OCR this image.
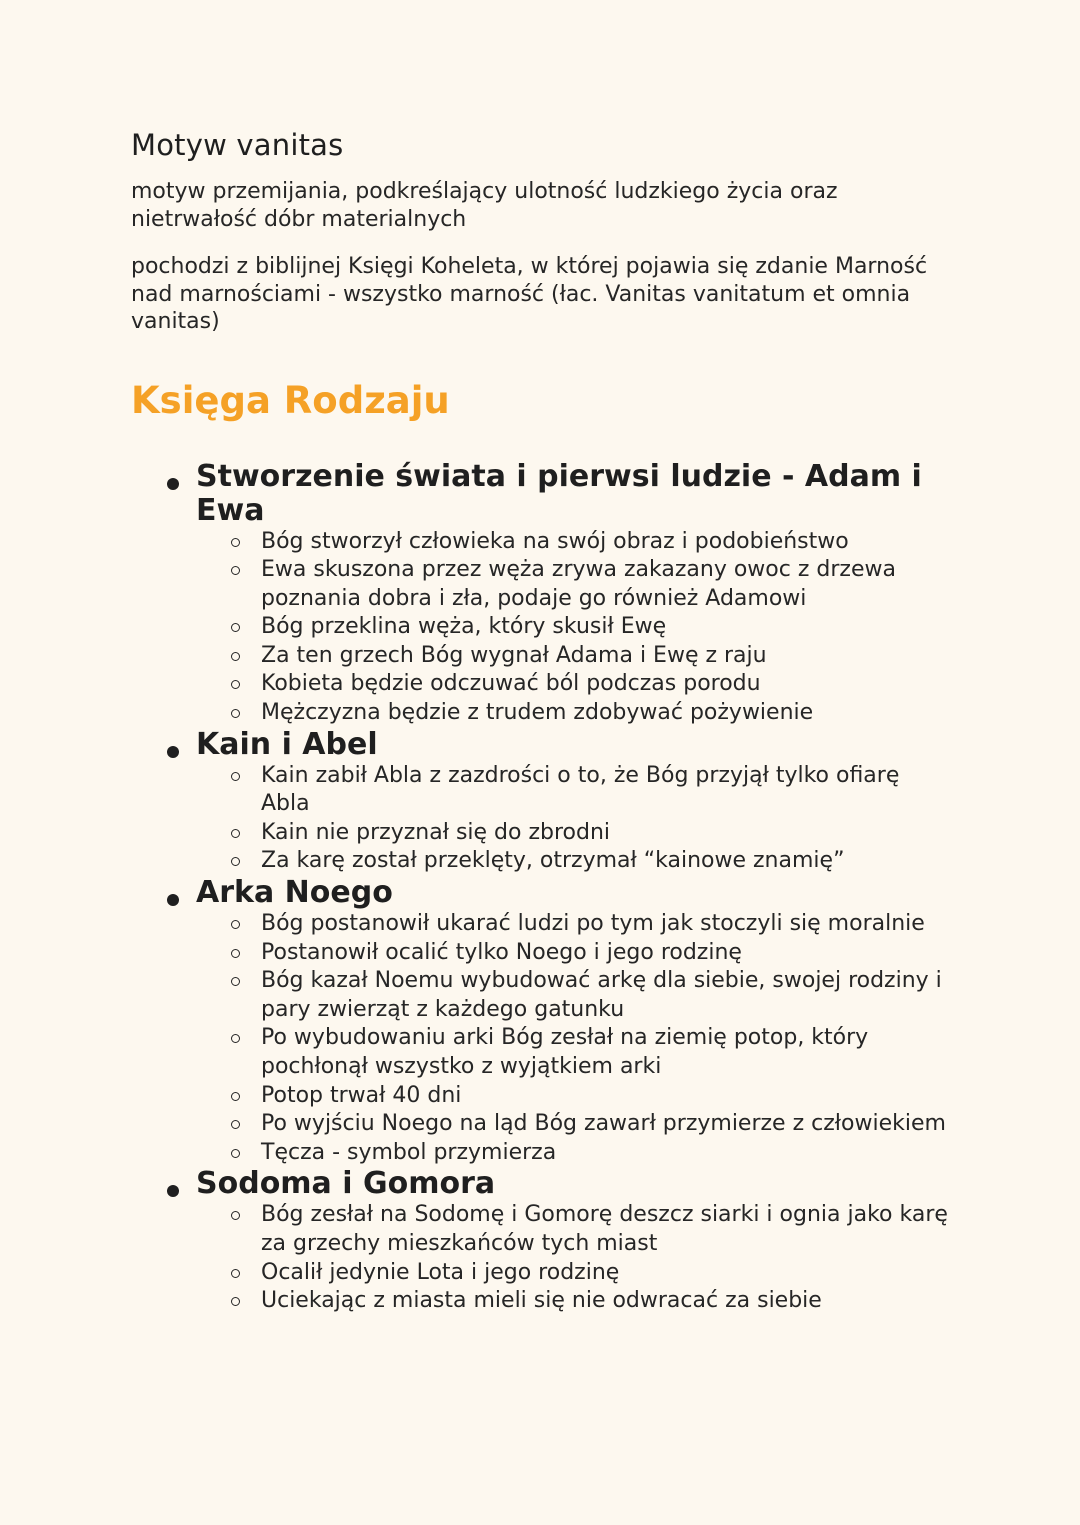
Motyw vanitas

motyw przemijania, podkreślający ulotność ludzkiego życia oraz nietrwałość dóbr materialnych

pochodzi z biblijnej Księgi Koheleta, w której pojawia się zdanie Marność nad marnościami - wszystko marność (łac. Vanitas vanitatum et omnia vanitas)

Księga Rodzaju
Stworzenie świata i pierwsi ludzie - Adam i Ewa
Bóg stworzył człowieka na swój obraz i podobieństwo
Ewa skuszona przez węża zrywa zakazany owoc z drzewa poznania dobra i zła, podaje go również Adamowi
Bóg przeklina węża, który skusił Ewę
Za ten grzech Bóg wygnał Adama i Ewę z raju
Kobieta będzie odczuwać ból podczas porodu
Mężczyzna będzie z trudem zdobywać pożywienie
Kain i Abel
Kain zabił Abla z zazdrości o to, że Bóg przyjął tylko ofiarę Abla
Kain nie przyznał się do zbrodni
Za karę został przeklęty, otrzymał “kainowe znamię”
Arka Noego
Bóg postanowił ukarać ludzi po tym jak stoczyli się moralnie
Postanowił ocalić tylko Noego i jego rodzinę
Bóg kazał Noemu wybudować arkę dla siebie, swojej rodziny i pary zwierząt z każdego gatunku
Po wybudowaniu arki Bóg zesłał na ziemię potop, który pochłonął wszystko z wyjątkiem arki
Potop trwał 40 dni
Po wyjściu Noego na ląd Bóg zawarł przymierze z człowiekiem
Tęcza - symbol przymierza
Sodoma i Gomora
Bóg zesłał na Sodomę i Gomorę deszcz siarki i ognia jako karę za grzechy mieszkańców tych miast
Ocalił jedynie Lota i jego rodzinę
Uciekając z miasta mieli się nie odwracać za siebie
